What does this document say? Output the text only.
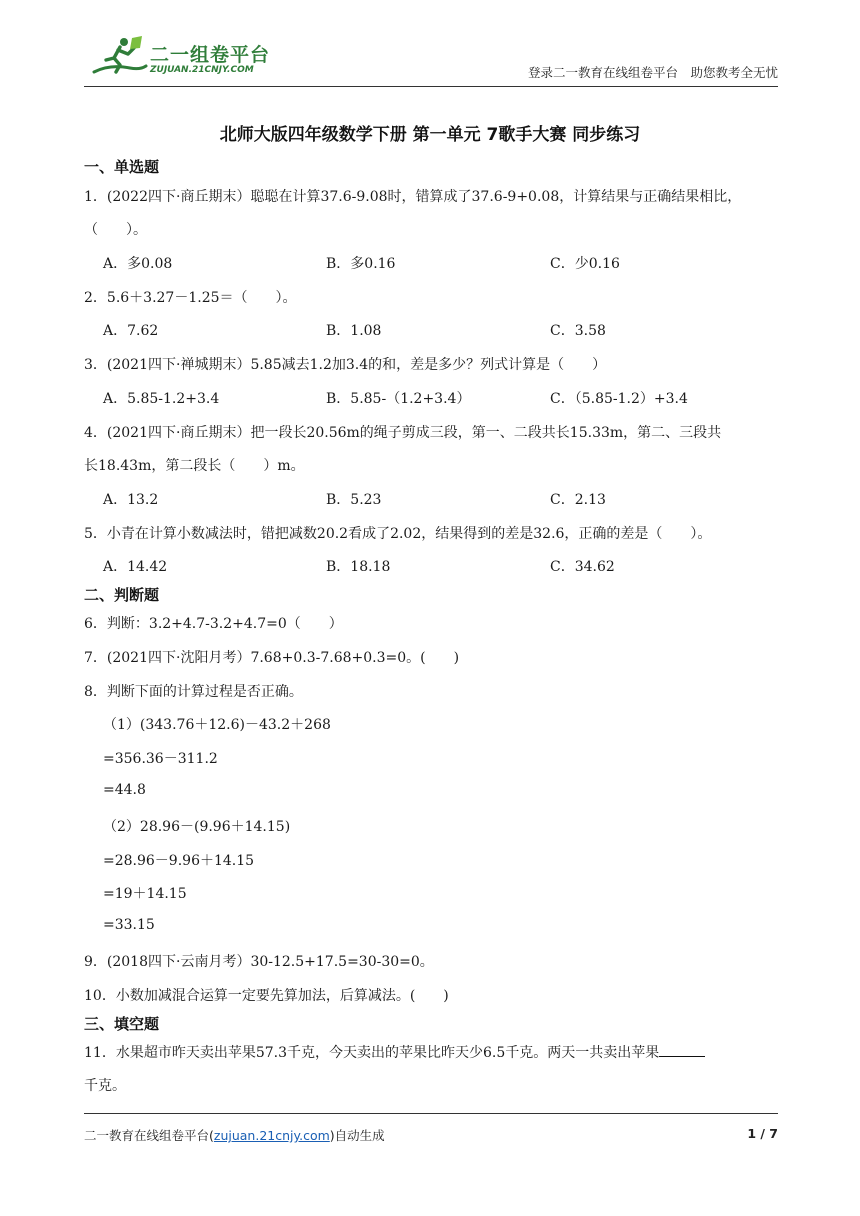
二一组卷平台
ZUJUAN.21CNJY.COM	登录二一教育在线组卷平台　助您教考全无忧
北师大版四年级数学下册 第一单元 7歌手大赛 同步练习
一、单选题
1．(2022四下·商丘期末）聪聪在计算37.6-9.08时，错算成了37.6-9+0.08，计算结果与正确结果相比，
（　　）。
A．多0.08	B．多0.16	C．少0.16
2．5.6＋3.27－1.25＝（　　）。
A．7.62	B．1.08	C．3.58
3．(2021四下·禅城期末）5.85减去1.2加3.4的和，差是多少？列式计算是（　　）
A．5.85-1.2+3.4	B．5.85-（1.2+3.4）	C．（5.85-1.2）+3.4
4．(2021四下·商丘期末）把一段长20.56m的绳子剪成三段，第一、二段共长15.33m，第二、三段共
长18.43m，第二段长（　　）m。
A．13.2	B．5.23	C．2.13
5．小青在计算小数减法时，错把减数20.2看成了2.02，结果得到的差是32.6，正确的差是（　　）。
A．14.42	B．18.18	C．34.62
二、判断题
6．判断：3.2+4.7-3.2+4.7=0（　　）
7．(2021四下·沈阳月考）7.68+0.3-7.68+0.3=0。(　　)
8．判断下面的计算过程是否正确。
（1）(343.76＋12.6)－43.2＋268
=356.36－311.2
=44.8
（2）28.96－(9.96＋14.15)
=28.96－9.96＋14.15
=19＋14.15
=33.15
9．(2018四下·云南月考）30-12.5+17.5=30-30=0。
10．小数加减混合运算一定要先算加法，后算减法。(　　)
三、填空题
11．水果超市昨天卖出苹果57.3千克，今天卖出的苹果比昨天少6.5千克。两天一共卖出苹果
千克。
二一教育在线组卷平台(zujuan.21cnjy.com)自动生成	1 / 7
